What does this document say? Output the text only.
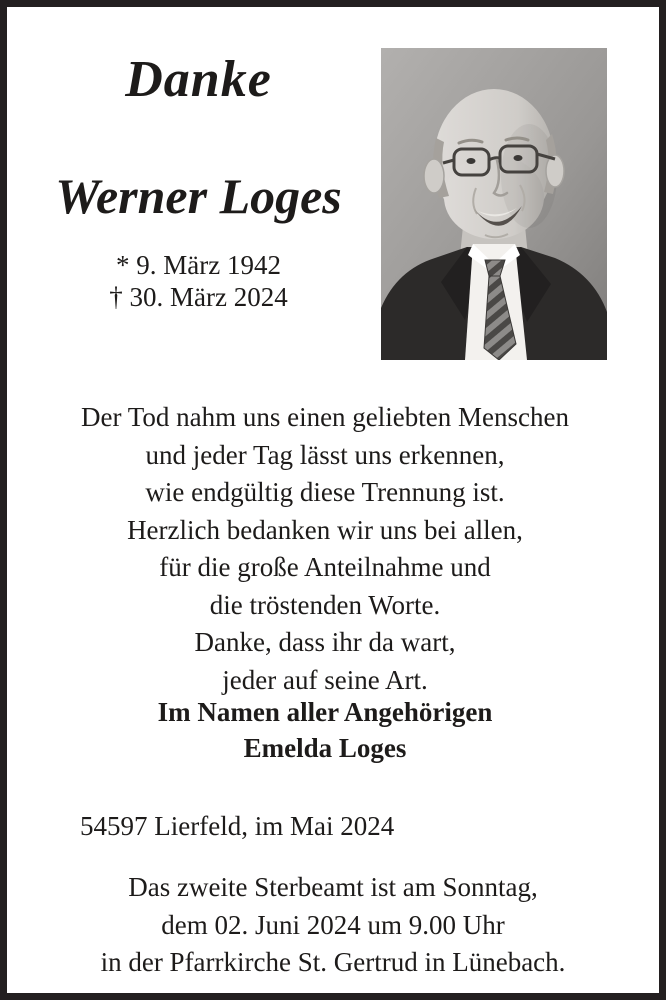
Danke
Werner Loges
* 9. März 1942
† 30. März 2024
Der Tod nahm uns einen geliebten Menschen
und jeder Tag lässt uns erkennen,
wie endgültig diese Trennung ist.
Herzlich bedanken wir uns bei allen,
für die große Anteilnahme und
die tröstenden Worte.
Danke, dass ihr da wart,
jeder auf seine Art.
Im Namen aller Angehörigen
Emelda Loges
54597 Lierfeld, im Mai 2024
Das zweite Sterbeamt ist am Sonntag,
dem 02. Juni 2024 um 9.00 Uhr
in der Pfarrkirche St. Gertrud in Lünebach.
